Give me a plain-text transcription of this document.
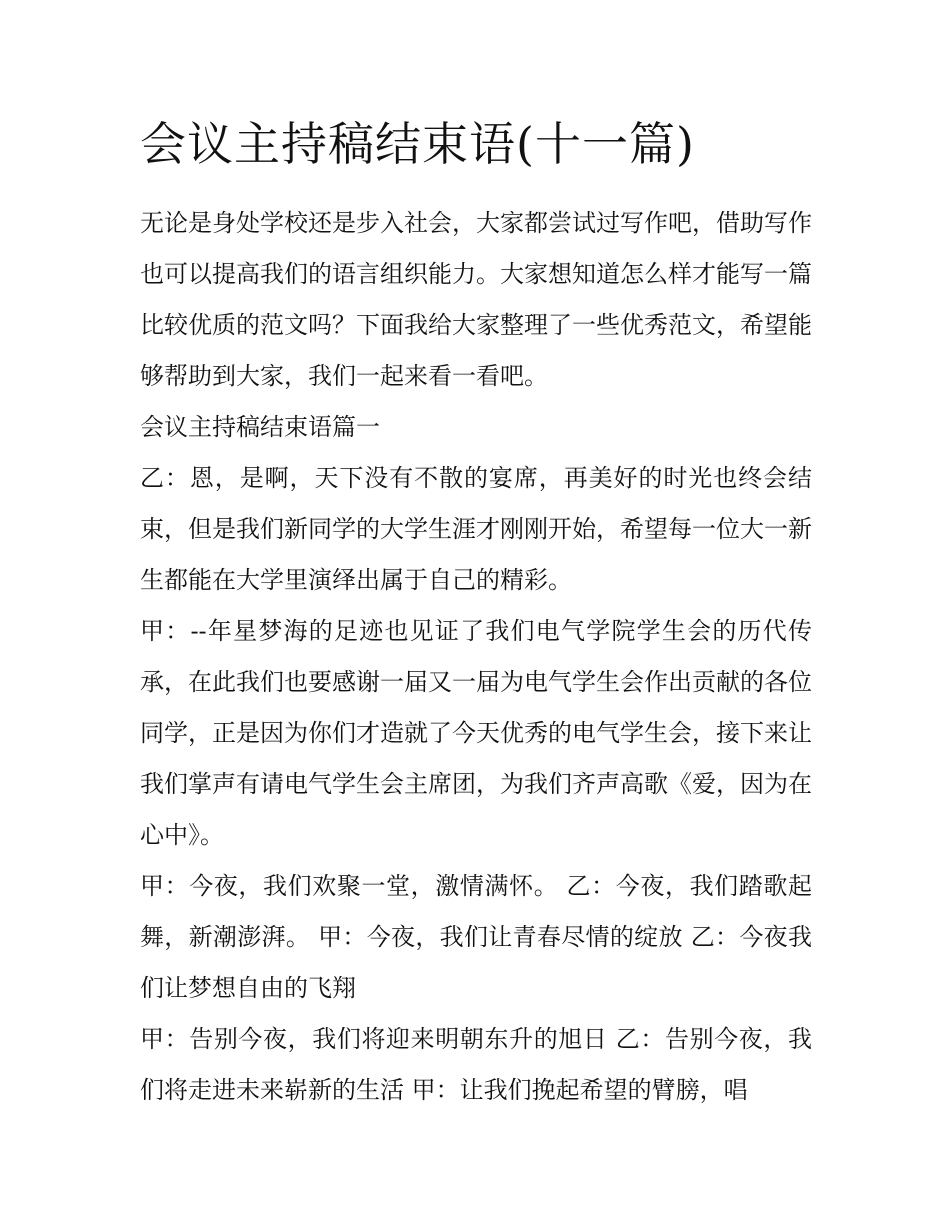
会议主持稿结束语(十一篇)

无论是身处学校还是步入社会，大家都尝试过写作吧，借助写作也可以提高我们的语言组织能力。大家想知道怎么样才能写一篇比较优质的范文吗？下面我给大家整理了一些优秀范文，希望能够帮助到大家，我们一起来看一看吧。

会议主持稿结束语篇一

乙：恩，是啊，天下没有不散的宴席，再美好的时光也终会结束，但是我们新同学的大学生涯才刚刚开始，希望每一位大一新生都能在大学里演绎出属于自己的精彩。

甲：--年星梦海的足迹也见证了我们电气学院学生会的历代传承，在此我们也要感谢一届又一届为电气学生会作出贡献的各位同学，正是因为你们才造就了今天优秀的电气学生会，接下来让我们掌声有请电气学生会主席团，为我们齐声高歌《爱，因为在心中》。

甲：今夜，我们欢聚一堂，激情满怀。 乙：今夜，我们踏歌起舞，新潮澎湃。 甲：今夜，我们让青春尽情的绽放 乙：今夜我们让梦想自由的飞翔

甲：告别今夜，我们将迎来明朝东升的旭日 乙：告别今夜，我们将走进未来崭新的生活 甲：让我们挽起希望的臂膀，唱
